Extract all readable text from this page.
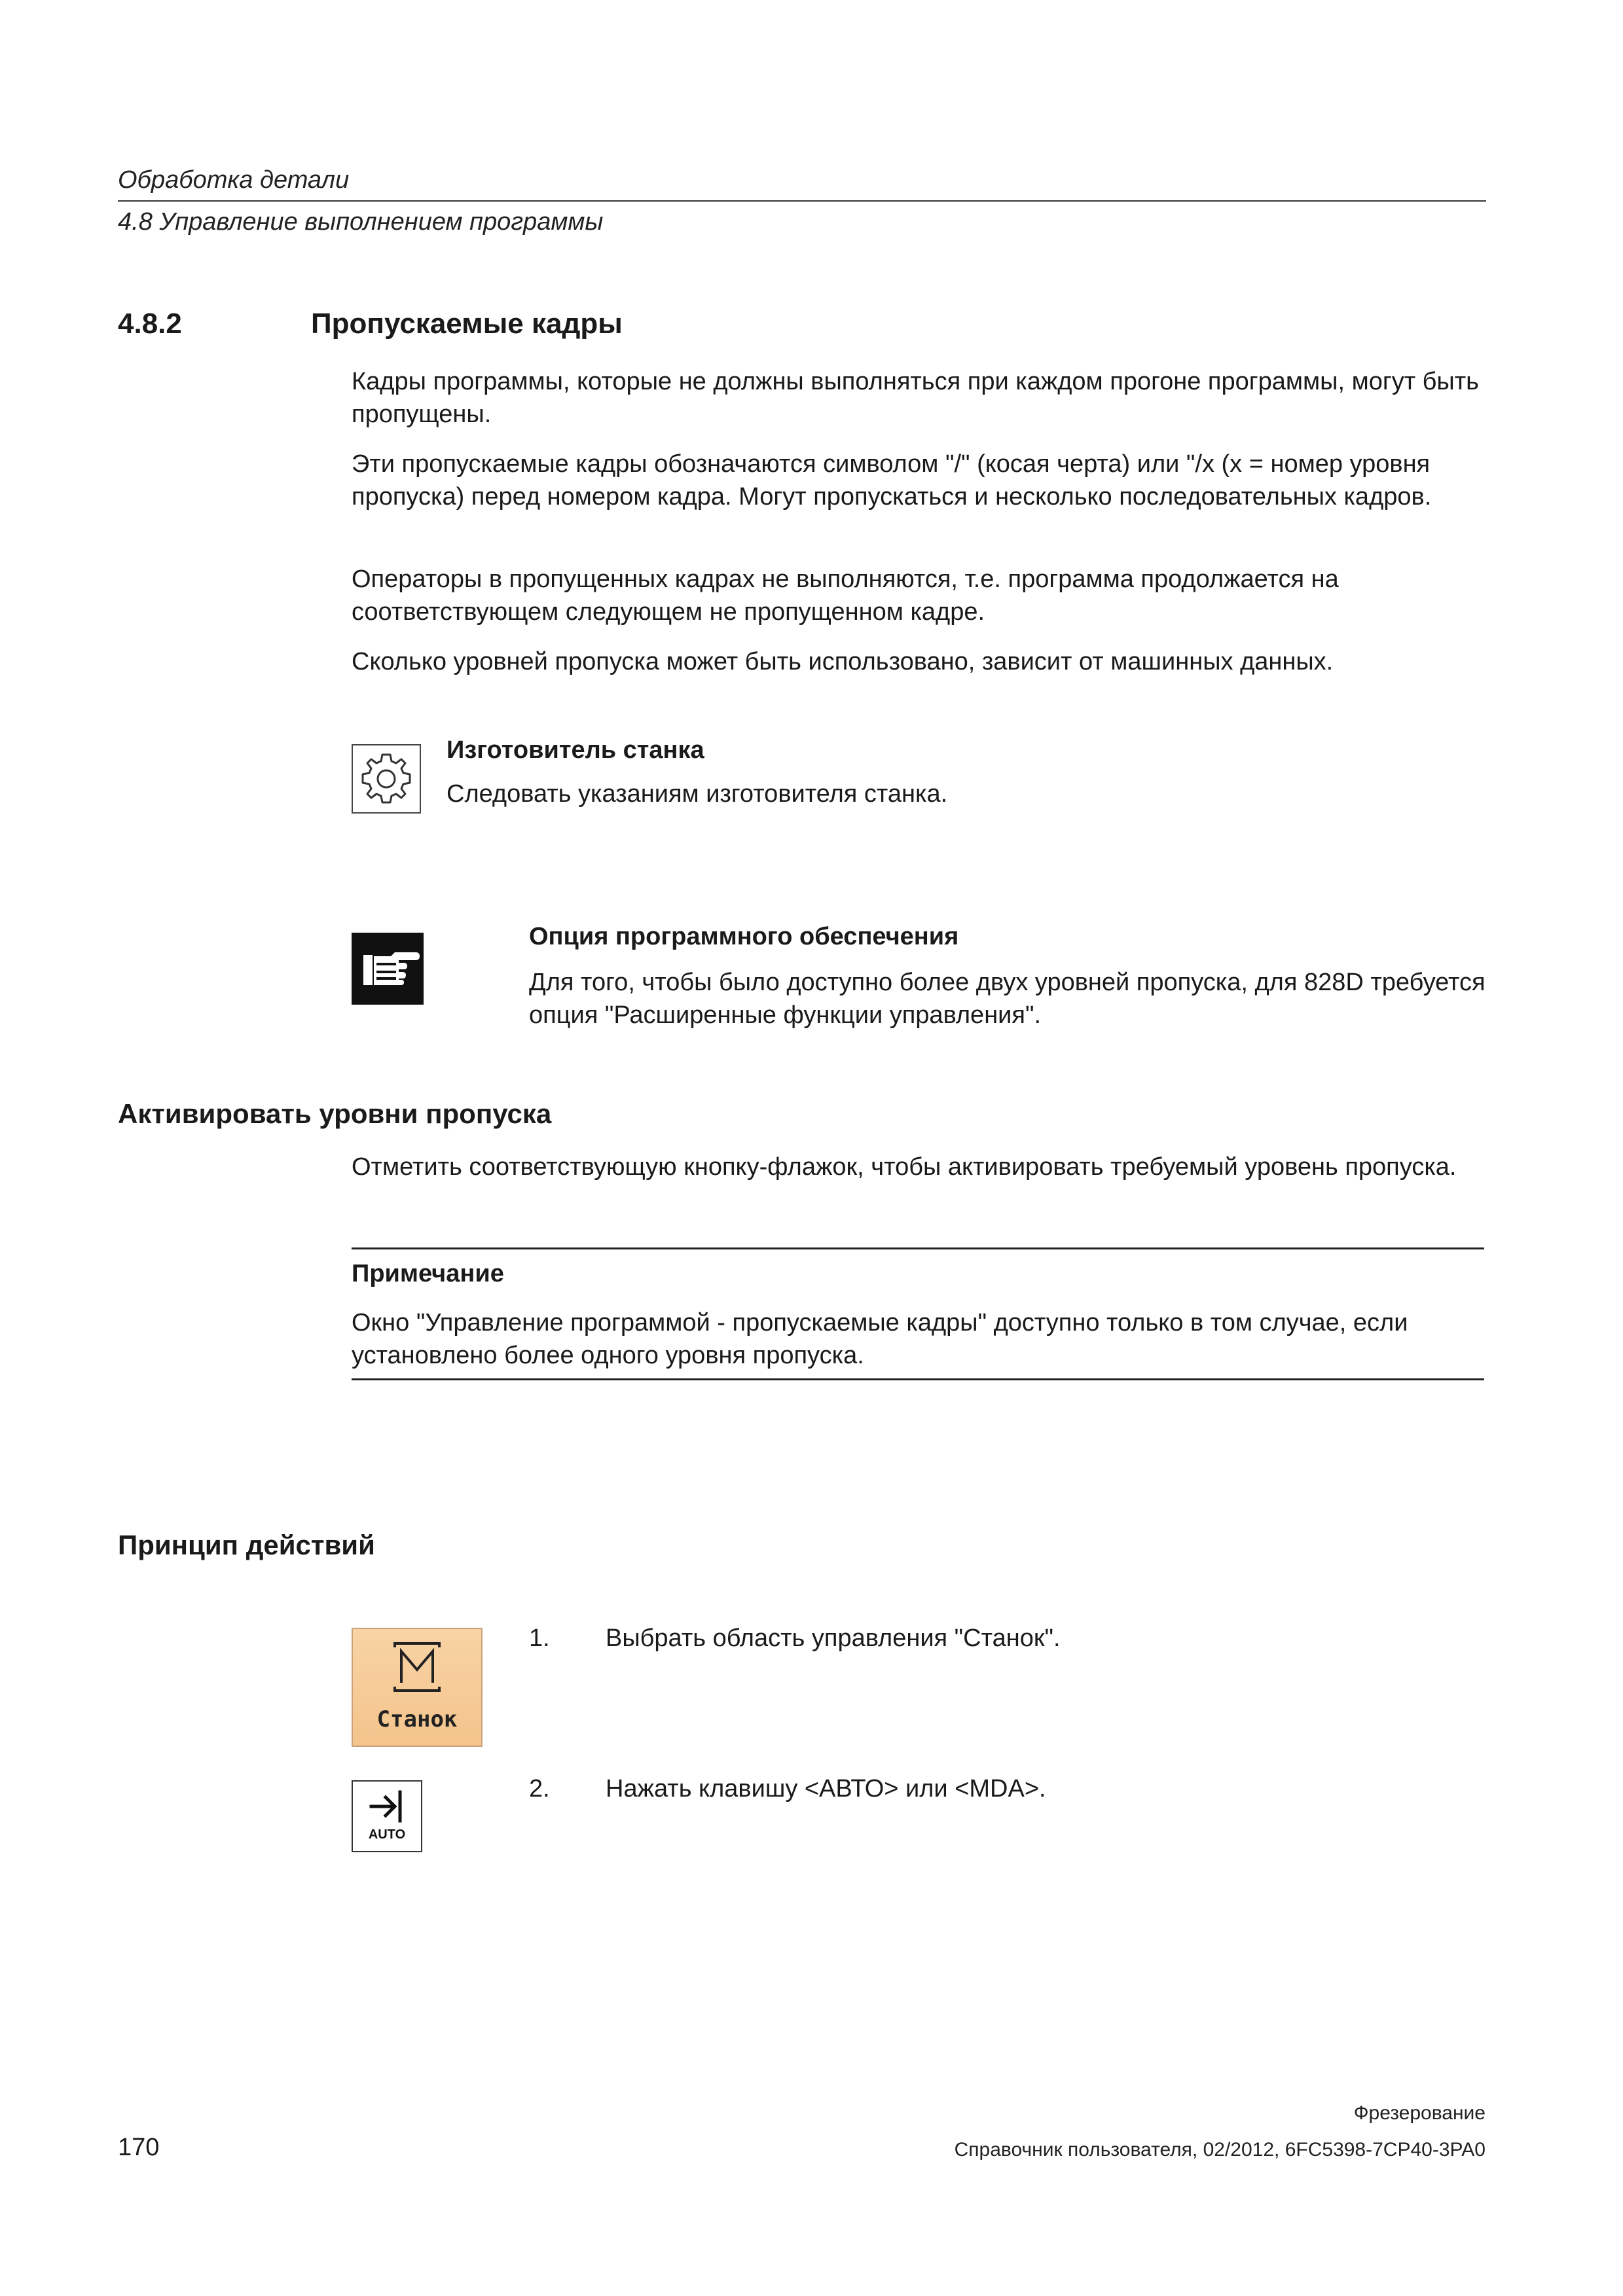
Обработка детали
4.8 Управление выполнением программы
4.8.2	Пропускаемые кадры
Кадры программы, которые не должны выполняться при каждом прогоне программы, могут быть пропущены.
Эти пропускаемые кадры обозначаются символом "/" (косая черта) или "/x (x = номер уровня пропуска) перед номером кадра. Могут пропускаться и несколько последовательных кадров.
Операторы в пропущенных кадрах не выполняются, т.е. программа продолжается на соответствующем следующем не пропущенном кадре.
Сколько уровней пропуска может быть использовано, зависит от машинных данных.
Изготовитель станка
Следовать указаниям изготовителя станка.
Опция программного обеспечения
Для того, чтобы было доступно более двух уровней пропуска, для 828D требуется опция "Расширенные функции управления".
Активировать уровни пропуска
Отметить соответствующую кнопку-флажок, чтобы активировать требуемый уровень пропуска.
Примечание
Окно "Управление программой - пропускаемые кадры" доступно только в том случае, если установлено более одного уровня пропуска.
Принцип действий
Станок
1. Выбрать область управления "Станок".
AUTO
2. Нажать клавишу <АВТО> или <MDA>.
Фрезерование
Справочник пользователя, 02/2012, 6FC5398-7CP40-3PA0
170
